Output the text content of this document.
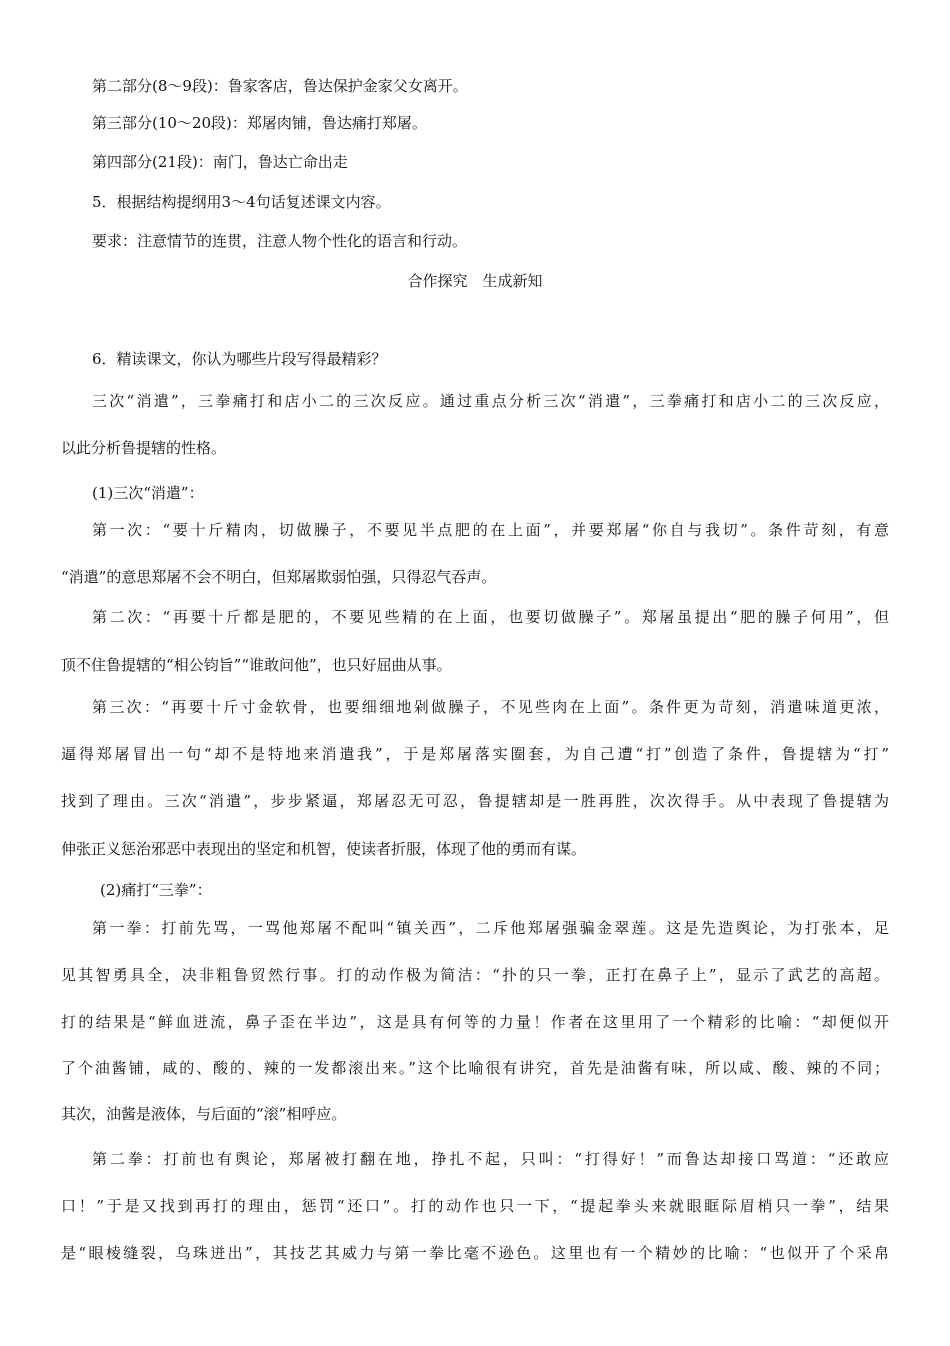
第二部分(8～9段)：鲁家客店，鲁达保护金家父女离开。
第三部分(10～20段)：郑屠肉铺，鲁达痛打郑屠。
第四部分(21段)：南门，鲁达亡命出走
5．根据结构提纲用3～4句话复述课文内容。
要求：注意情节的连贯，注意人物个性化的语言和行动。
合作探究　生成新知
6．精读课文，你认为哪些片段写得最精彩？
三次“消遣”，三拳痛打和店小二的三次反应。通过重点分析三次“消遣”，三拳痛打和店小二的三次反应，
以此分析鲁提辖的性格。
(1)三次“消遣”：
第一次：“要十斤精肉，切做臊子，不要见半点肥的在上面”，并要郑屠“你自与我切”。条件苛刻，有意
“消遣”的意思郑屠不会不明白，但郑屠欺弱怕强，只得忍气吞声。
第二次：“再要十斤都是肥的，不要见些精的在上面，也要切做臊子”。郑屠虽提出“肥的臊子何用”，但
顶不住鲁提辖的“相公钧旨”“谁敢问他”，也只好屈曲从事。
第三次：“再要十斤寸金软骨，也要细细地剁做臊子，不见些肉在上面”。条件更为苛刻，消遣味道更浓，
逼得郑屠冒出一句“却不是特地来消遣我”，于是郑屠落实圈套，为自己遭“打”创造了条件，鲁提辖为“打”
找到了理由。三次“消遣”，步步紧逼，郑屠忍无可忍，鲁提辖却是一胜再胜，次次得手。从中表现了鲁提辖为
伸张正义惩治邪恶中表现出的坚定和机智，使读者折服，体现了他的勇而有谋。
(2)痛打“三拳”：
第一拳：打前先骂，一骂他郑屠不配叫“镇关西”，二斥他郑屠强骗金翠莲。这是先造舆论，为打张本，足
见其智勇具全，决非粗鲁贸然行事。打的动作极为简洁：“扑的只一拳，正打在鼻子上”，显示了武艺的高超。
打的结果是“鲜血迸流，鼻子歪在半边”，这是具有何等的力量！作者在这里用了一个精彩的比喻：“却便似开
了个油酱铺，咸的、酸的、辣的一发都滚出来。”这个比喻很有讲究，首先是油酱有味，所以咸、酸、辣的不同；
其次，油酱是液体，与后面的“滚”相呼应。
第二拳：打前也有舆论，郑屠被打翻在地，挣扎不起，只叫：“打得好！”而鲁达却接口骂道：“还敢应
口！”于是又找到再打的理由，惩罚“还口”。打的动作也只一下，“提起拳头来就眼眶际眉梢只一拳”，结果
是“眼棱缝裂，乌珠迸出”，其技艺其威力与第一拳比毫不逊色。这里也有一个精妙的比喻：“也似开了个采帛
